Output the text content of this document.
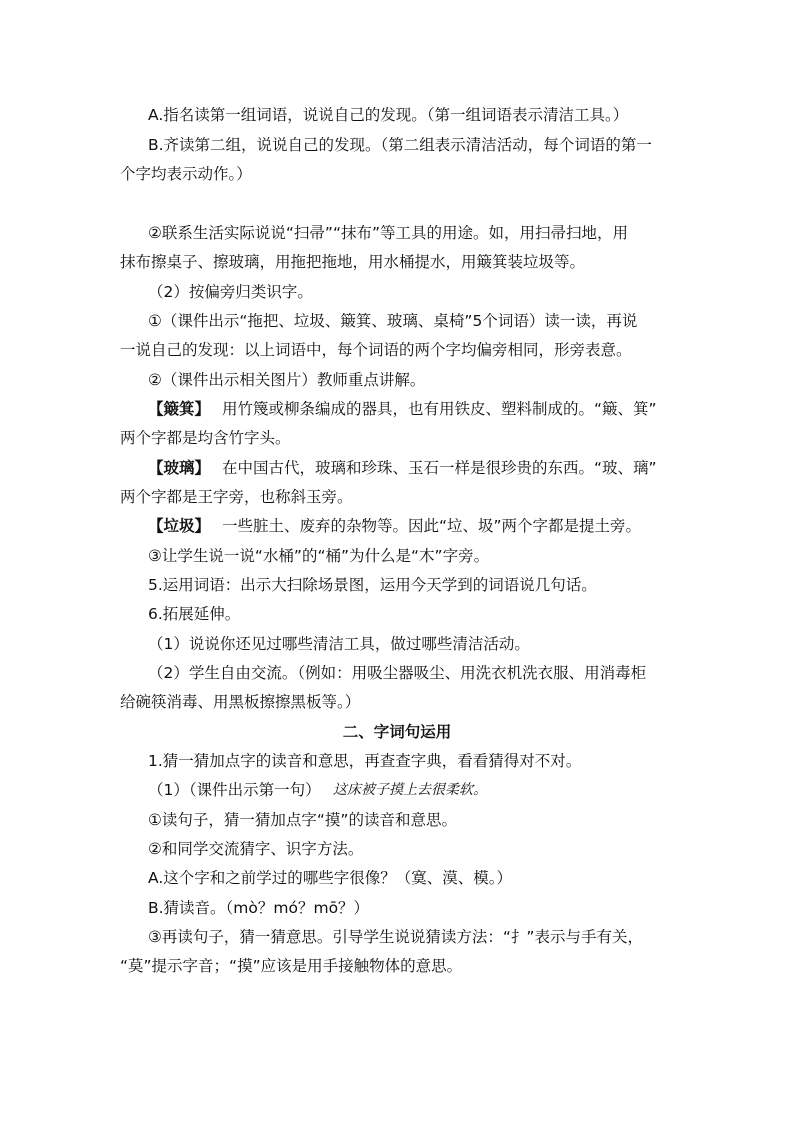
A.指名读第一组词语，说说自己的发现。（第一组词语表示清洁工具。）
B.齐读第二组，说说自己的发现。（第二组表示清洁活动，每个词语的第一
个字均表示动作。）
②联系生活实际说说“扫帚”“抹布”等工具的用途。如，用扫帚扫地，用
抹布擦桌子、擦玻璃，用拖把拖地，用水桶提水，用簸箕装垃圾等。
（2）按偏旁归类识字。
①（课件出示“拖把、垃圾、簸箕、玻璃、桌椅”5个词语）读一读，再说
一说自己的发现：以上词语中，每个词语的两个字均偏旁相同，形旁表意。
②（课件出示相关图片）教师重点讲解。
【簸箕】 用竹篾或柳条编成的器具，也有用铁皮、塑料制成的。“簸、箕”
两个字都是均含竹字头。
【玻璃】 在中国古代，玻璃和珍珠、玉石一样是很珍贵的东西。“玻、璃”
两个字都是王字旁，也称斜玉旁。
【垃圾】 一些脏土、废弃的杂物等。因此“垃、圾”两个字都是提土旁。
③让学生说一说“水桶”的“桶”为什么是“木”字旁。
5.运用词语：出示大扫除场景图，运用今天学到的词语说几句话。
6.拓展延伸。
（1）说说你还见过哪些清洁工具，做过哪些清洁活动。
（2）学生自由交流。（例如：用吸尘器吸尘、用洗衣机洗衣服、用消毒柜
给碗筷消毒、用黑板擦擦黑板等。）
二、字词句运用
1.猜一猜加点字的读音和意思，再查查字典，看看猜得对不对。
（1）（课件出示第一句） 这床被子摸上去很柔软。
①读句子，猜一猜加点字“摸”的读音和意思。
②和同学交流猜字、识字方法。
A.这个字和之前学过的哪些字很像？（寞、漠、模。）
B.猜读音。（mò？mó？mō？）
③再读句子，猜一猜意思。引导学生说说猜读方法：“扌”表示与手有关，
“莫”提示字音；“摸”应该是用手接触物体的意思。
